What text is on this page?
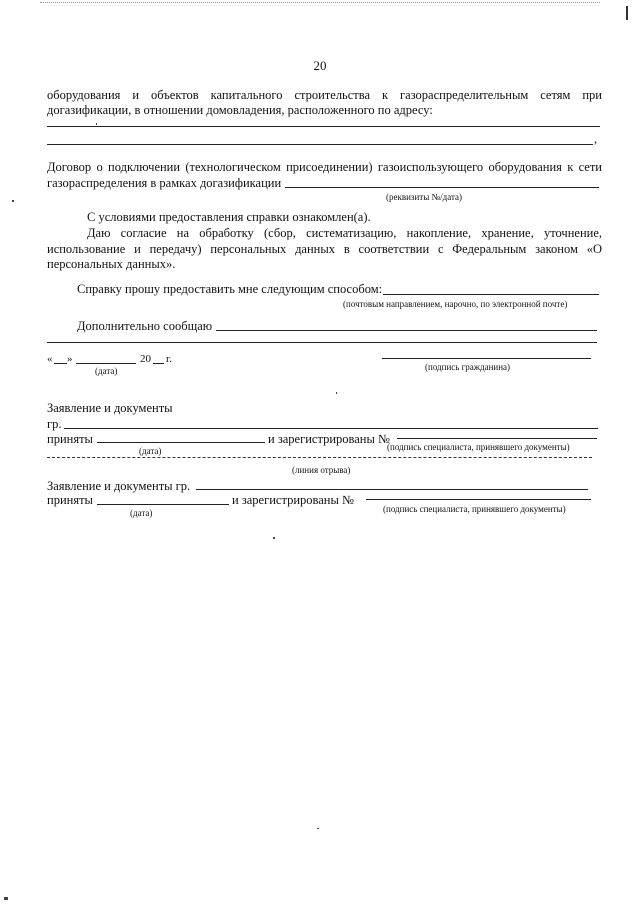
20
оборудования и объектов капитального строительства к газораспределительным сетям при
догазификации, в отношении домовладения, расположенного по адресу:
,
Договор о подключении (технологическом присоединении) газоиспользующего оборудования к сети
газораспределения в рамках догазификации
(реквизиты №/дата)
С условиями предоставления справки ознакомлен(а).
Даю согласие на обработку (сбор, систематизацию, накопление, хранение, уточнение,
использование и передачу) персональных данных в соответствии с Федеральным законом «О
персональных данных».
Справку прошу предоставить мне следующим способом:
(почтовым направлением, нарочно, по электронной почте)
Дополнительно сообщаю
« »	20 г.
(дата)	(подпись гражданина)
Заявление и документы
гр.
приняты	и зарегистрированы №
(дата)	(подпись специалиста, принявшего документы)
(линия отрыва)
Заявление и документы гр.
приняты	и зарегистрированы №
(дата)	(подпись специалиста, принявшего документы)
